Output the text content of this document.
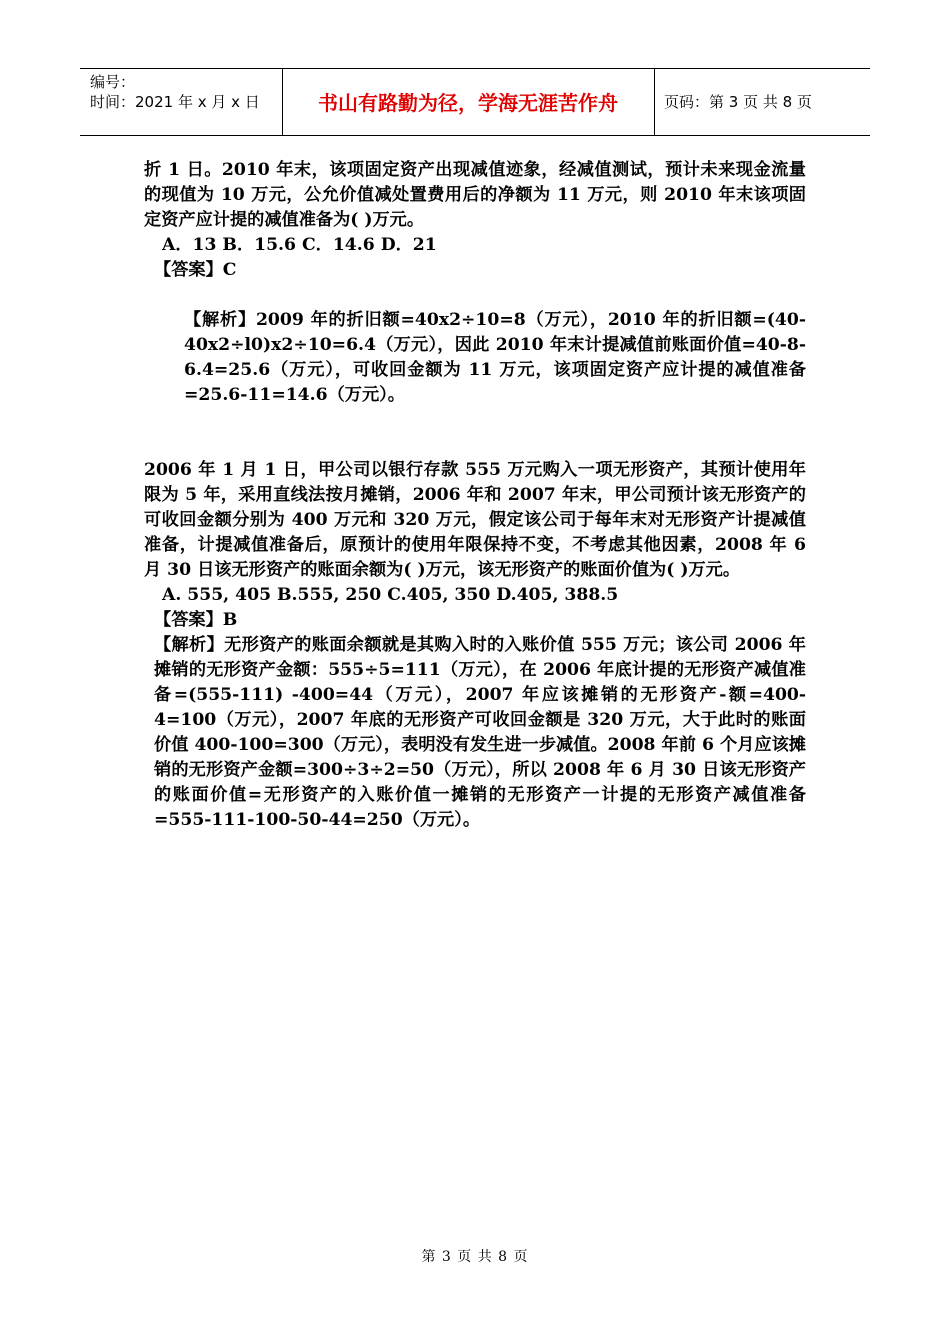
编号：
时间：2021 年 x 月 x 日	书山有路勤为径，学海无涯苦作舟	页码：第 3 页 共 8 页

折 1 日。2010 年末，该项固定资产出现减值迹象，经减值测试，预计未来现金流量的现值为 10 万元，公允价值减处置费用后的净额为 11 万元，则 2010 年末该项固定资产应计提的减值准备为( )万元。

A．13 B．15.6 C．14.6 D．21

【答案】C

【解析】2009 年的折旧额=40x2÷10=8（万元），2010 年的折旧额=(40-40x2÷l0)x2÷10=6.4（万元），因此 2010 年末计提减值前账面价值=40-8-6.4=25.6（万元），可收回金额为 11 万元，该项固定资产应计提的减值准备=25.6-11=14.6（万元）。

2006 年 1 月 1 日，甲公司以银行存款 555 万元购入一项无形资产，其预计使用年限为 5 年，采用直线法按月摊销，2006 年和 2007 年末，甲公司预计该无形资产的可收回金额分别为 400 万元和 320 万元，假定该公司于每年末对无形资产计提减值准备，计提减值准备后，原预计的使用年限保持不变，不考虑其他因素，2008 年 6 月 30 日该无形资产的账面余额为( )万元，该无形资产的账面价值为( )万元。

A. 555, 405 B.555, 250 C.405, 350 D.405, 388.5

【答案】B

【解析】无形资产的账面余额就是其购入时的入账价值 555 万元；该公司 2006 年摊销的无形资产金额：555÷5=111（万元），在 2006 年底计提的无形资产减值准备=(555-111) -400=44（万元），2007 年应该摊销的无形资产-额=400-4=100（万元），2007 年底的无形资产可收回金额是 320 万元，大于此时的账面价值 400-100=300（万元），表明没有发生进一步减值。2008 年前 6 个月应该摊销的无形资产金额=300÷3÷2=50（万元），所以 2008 年 6 月 30 日该无形资产的账面价值=无形资产的入账价值一摊销的无形资产一计提的无形资产减值准备=555-111-100-50-44=250（万元）。

第 3 页 共 8 页
